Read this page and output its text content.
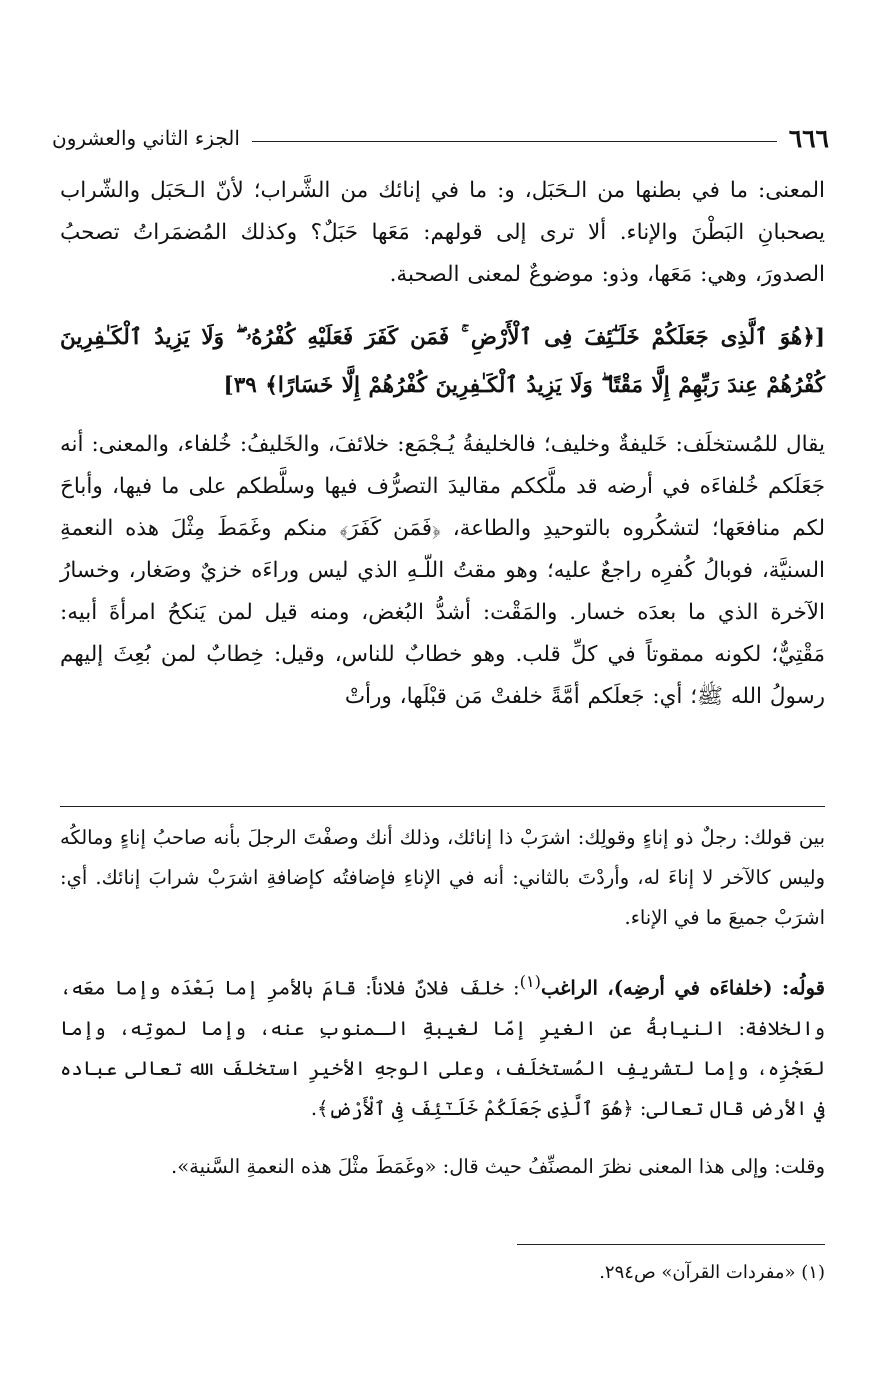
٦٦٦
الجزء الثاني والعشرون

المعنى: ما في بطنها من الـحَبَل، و: ما في إنائك من الشَّراب؛ لأنّ الـحَبَل والشّراب يصحبانِ البَطْنَ والإناء. ألا ترى إلى قولهم: مَعَها حَبَلٌ؟ وكذلك المُضمَراتُ تصحبُ الصدورَ، وهي: مَعَها، وذو: موضوعٌ لمعنى الصحبة.

[﴿هُوَ ٱلَّذِى جَعَلَكُمْ خَلَـٰٓئِفَ فِى ٱلْأَرْضِ ۚ فَمَن كَفَرَ فَعَلَيْهِ كُفْرُهُۥ ۖ وَلَا يَزِيدُ ٱلْكَـٰفِرِينَ كُفْرُهُمْ عِندَ رَبِّهِمْ إِلَّا مَقْتًا ۖ وَلَا يَزِيدُ ٱلْكَـٰفِرِينَ كُفْرُهُمْ إِلَّا خَسَارًا﴾ ٣٩]

يقال للمُستخلَف: خَليفةٌ وخليف؛ فالخليفةُ يُـجْمَع: خلائفَ، والخَليفُ: خُلفاء، والمعنى: أنه جَعَلَكم خُلفاءَه في أرضه قد ملَّككم مقاليدَ التصرُّف فيها وسلَّطكم على ما فيها، وأباحَ لكم منافعَها؛ لتشكُروه بالتوحيدِ والطاعة، ﴿فَمَن كَفَرَ﴾ منكم وغَمَطَ مِثْلَ هذه النعمةِ السنيَّة، فوبالُ كُفرِه راجعٌ عليه؛ وهو مقتُ اللّـهِ الذي ليس وراءَه خزيٌ وصَغار، وخسارُ الآخرة الذي ما بعدَه خسار. والمَقْت: أشدُّ البُغض، ومنه قيل لمن يَنكحُ امرأةَ أبيه: مَقْتِيٌّ؛ لكونه ممقوتاً في كلِّ قلب. وهو خطابٌ للناس، وقيل: خِطابٌ لمن بُعِثَ إليهم رسولُ الله ﷺ؛ أي: جَعلَكم أمَّةً خلفتْ مَن قبْلَها، ورأتْ

بين قولك: رجلٌ ذو إناءٍ وقولِك: اشرَبْ ذا إنائك، وذلك أنك وصفْتَ الرجلَ بأنه صاحبُ إناءٍ ومالكُه وليس كالآخر لا إناءَ له، وأردْتَ بالثاني: أنه في الإناءِ فإضافتُه كإضافةِ اشرَبْ شرابَ إنائك. أي: اشرَبْ جميعَ ما في الإناء.

قولُه: (خلفاءَه في أرضِه)، الراغب$^{(١)}$: خلفَ فلانٌ فلاناً: قامَ بالأمرِ إما بَعْدَه وإما معَه، والخلافة: النيابةُ عن الغيرِ إمّا لغيبةِ الـمنوبِ عنه، وإما لموتِه، وإما لعَجْزِه، وإما لتشريفِ المُستخلَف، وعلى الوجهِ الأخيرِ استخلفَ الله تعالى عباده في الأرض قال تعالى: ﴿هُوَ ٱلَّذِى جَعَلَكُمْ خَلَـٰٓئِفَ فِى ٱلْأَرْضِ﴾.

وقلت: وإلى هذا المعنى نظرَ المصنِّفُ حيث قال: «وغَمَطَ مثْلَ هذه النعمةِ السَّنية».

(١) «مفردات القرآن» ص٢٩٤.
